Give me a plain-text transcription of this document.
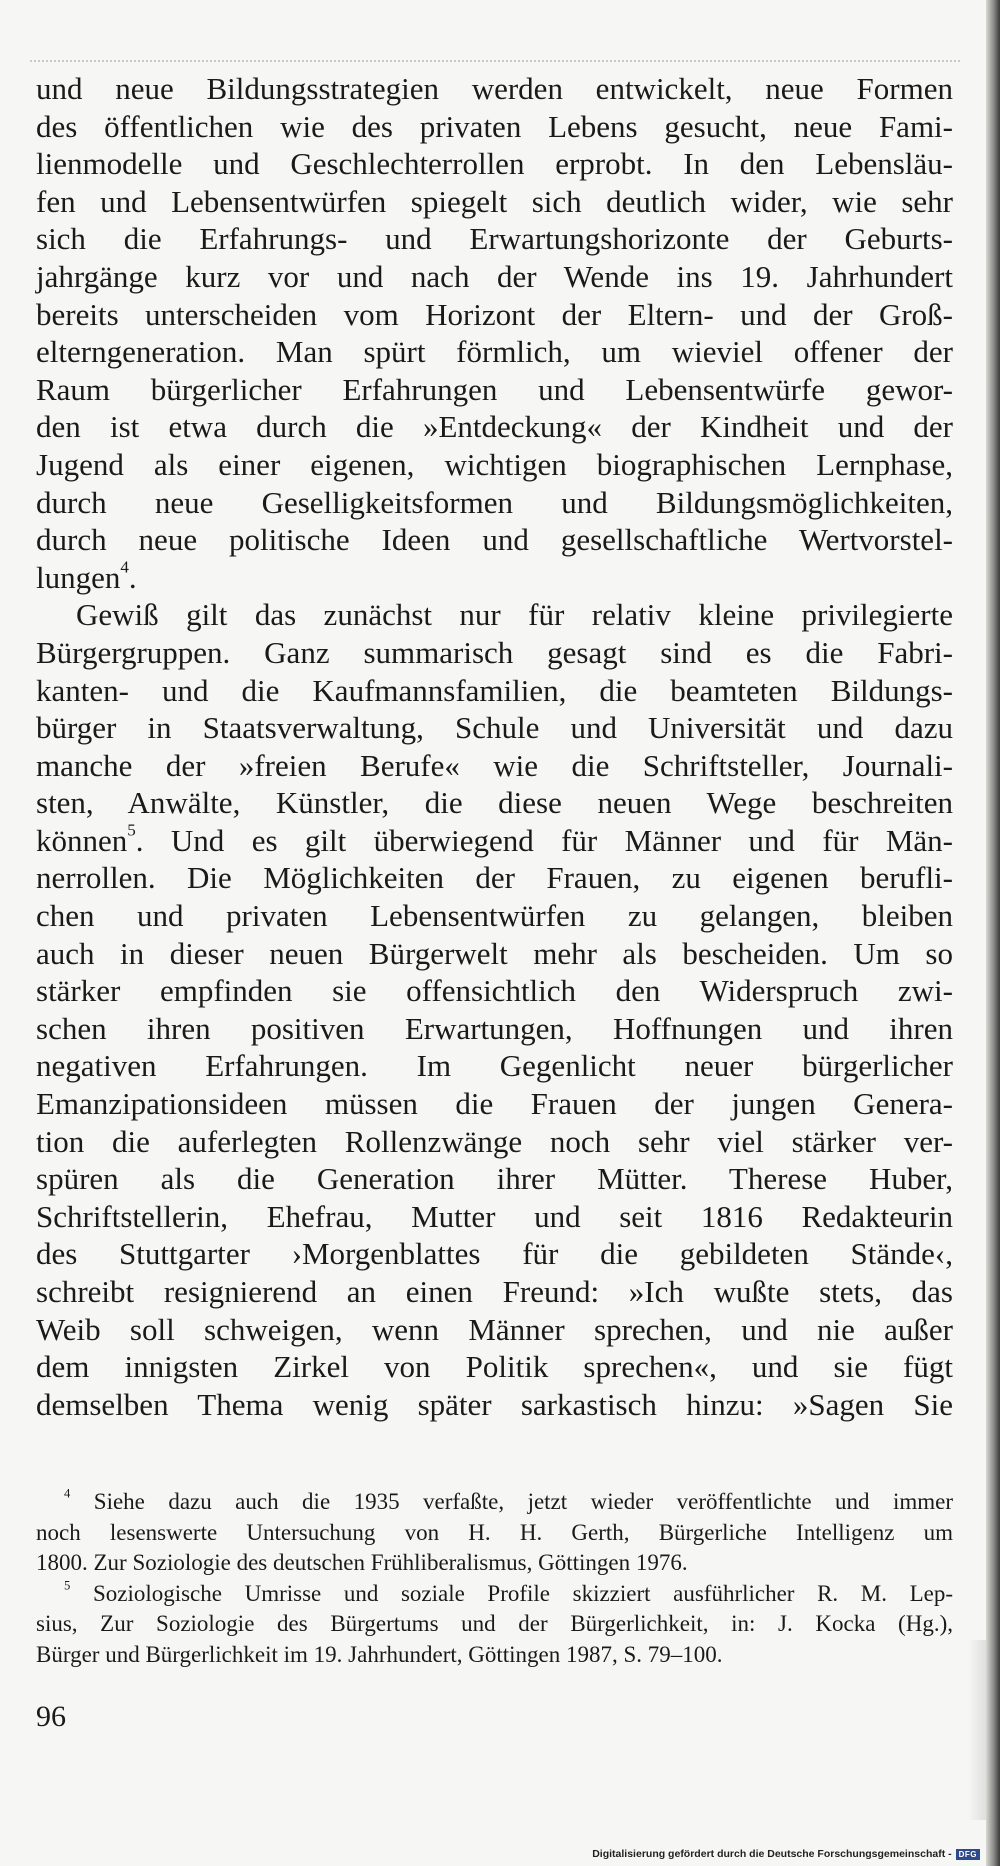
und neue Bildungsstrategien werden entwickelt, neue Formen
des öffentlichen wie des privaten Lebens gesucht, neue Fami-
lienmodelle und Geschlechterrollen erprobt. In den Lebensläu-
fen und Lebensentwürfen spiegelt sich deutlich wider, wie sehr
sich die Erfahrungs- und Erwartungshorizonte der Geburts-
jahrgänge kurz vor und nach der Wende ins 19. Jahrhundert
bereits unterscheiden vom Horizont der Eltern- und der Groß-
elterngeneration. Man spürt förmlich, um wieviel offener der
Raum bürgerlicher Erfahrungen und Lebensentwürfe gewor-
den ist etwa durch die »Entdeckung« der Kindheit und der
Jugend als einer eigenen, wichtigen biographischen Lernphase,
durch neue Geselligkeitsformen und Bildungsmöglichkeiten,
durch neue politische Ideen und gesellschaftliche Wertvorstel-
lungen$^4$.
Gewiß gilt das zunächst nur für relativ kleine privilegierte
Bürgergruppen. Ganz summarisch gesagt sind es die Fabri-
kanten- und die Kaufmannsfamilien, die beamteten Bildungs-
bürger in Staatsverwaltung, Schule und Universität und dazu
manche der »freien Berufe« wie die Schriftsteller, Journali-
sten, Anwälte, Künstler, die diese neuen Wege beschreiten
können$^5$. Und es gilt überwiegend für Männer und für Män-
nerrollen. Die Möglichkeiten der Frauen, zu eigenen berufli-
chen und privaten Lebensentwürfen zu gelangen, bleiben
auch in dieser neuen Bürgerwelt mehr als bescheiden. Um so
stärker empfinden sie offensichtlich den Widerspruch zwi-
schen ihren positiven Erwartungen, Hoffnungen und ihren
negativen Erfahrungen. Im Gegenlicht neuer bürgerlicher
Emanzipationsideen müssen die Frauen der jungen Genera-
tion die auferlegten Rollenzwänge noch sehr viel stärker ver-
spüren als die Generation ihrer Mütter. Therese Huber,
Schriftstellerin, Ehefrau, Mutter und seit 1816 Redakteurin
des Stuttgarter ›Morgenblattes für die gebildeten Stände‹,
schreibt resignierend an einen Freund: »Ich wußte stets, das
Weib soll schweigen, wenn Männer sprechen, und nie außer
dem innigsten Zirkel von Politik sprechen«, und sie fügt
demselben Thema wenig später sarkastisch hinzu: »Sagen Sie
$^4$ Siehe dazu auch die 1935 verfaßte, jetzt wieder veröffentlichte und immer
noch lesenswerte Untersuchung von H. H. Gerth, Bürgerliche Intelligenz um
1800. Zur Soziologie des deutschen Frühliberalismus, Göttingen 1976.
$^5$ Soziologische Umrisse und soziale Profile skizziert ausführlicher R. M. Lep-
sius, Zur Soziologie des Bürgertums und der Bürgerlichkeit, in: J. Kocka (Hg.),
Bürger und Bürgerlichkeit im 19. Jahrhundert, Göttingen 1987, S. 79–100.
96
Digitalisierung gefördert durch die Deutsche Forschungsgemeinschaft - DFG
